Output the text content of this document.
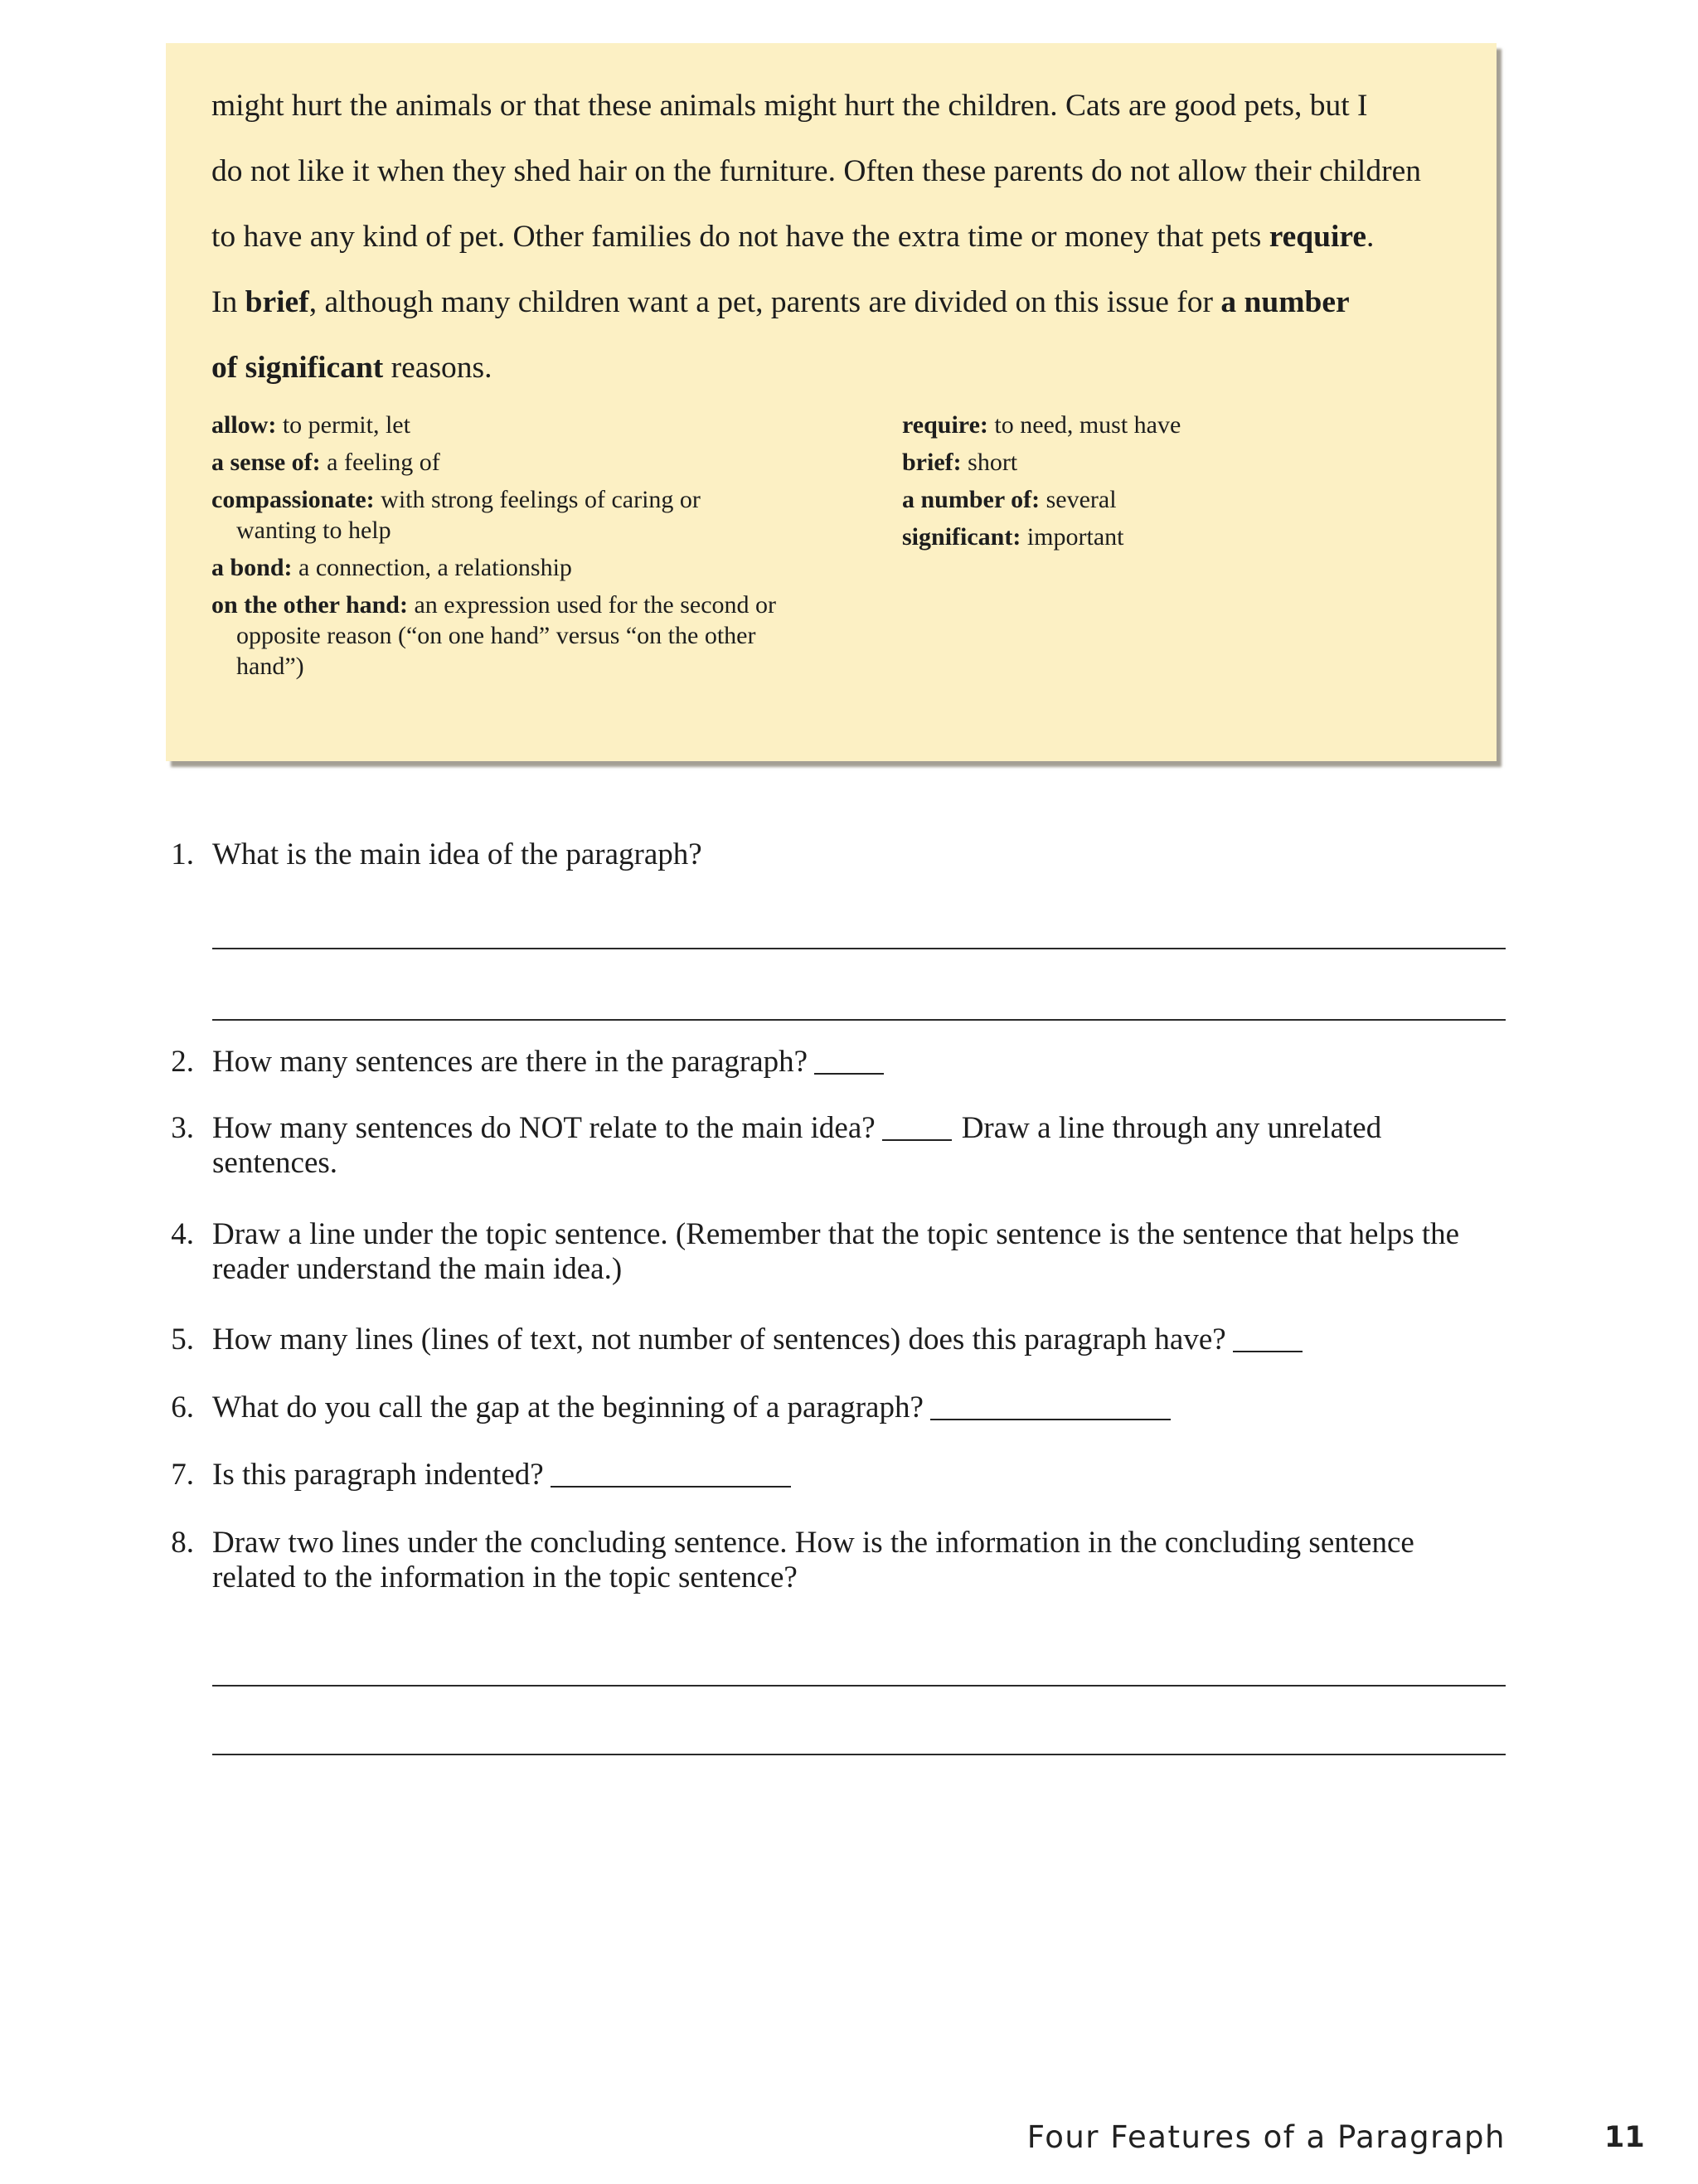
might hurt the animals or that these animals might hurt the children. Cats are good pets, but I
do not like it when they shed hair on the furniture. Often these parents do not allow their children
to have any kind of pet. Other families do not have the extra time or money that pets require.
In brief, although many children want a pet, parents are divided on this issue for a number
of significant reasons.

allow: to permit, let

a sense of: a feeling of

compassionate: with strong feelings of caring or wanting to help

a bond: a connection, a relationship

on the other hand: an expression used for the second or opposite reason (“on one hand” versus “on the other hand”)

require: to need, must have

brief: short

a number of: several

significant: important

1. What is the main idea of the paragraph?
2. How many sentences are there in the paragraph?
3. How many sentences do NOT relate to the main idea?	Draw a line through any unrelated sentences.
4. Draw a line under the topic sentence. (Remember that the topic sentence is the sentence that helps the reader understand the main idea.)
5. How many lines (lines of text, not number of sentences) does this paragraph have?
6. What do you call the gap at the beginning of a paragraph?
7. Is this paragraph indented?
8. Draw two lines under the concluding sentence. How is the information in the concluding sentence related to the information in the topic sentence?
Four Features of a Paragraph	11
